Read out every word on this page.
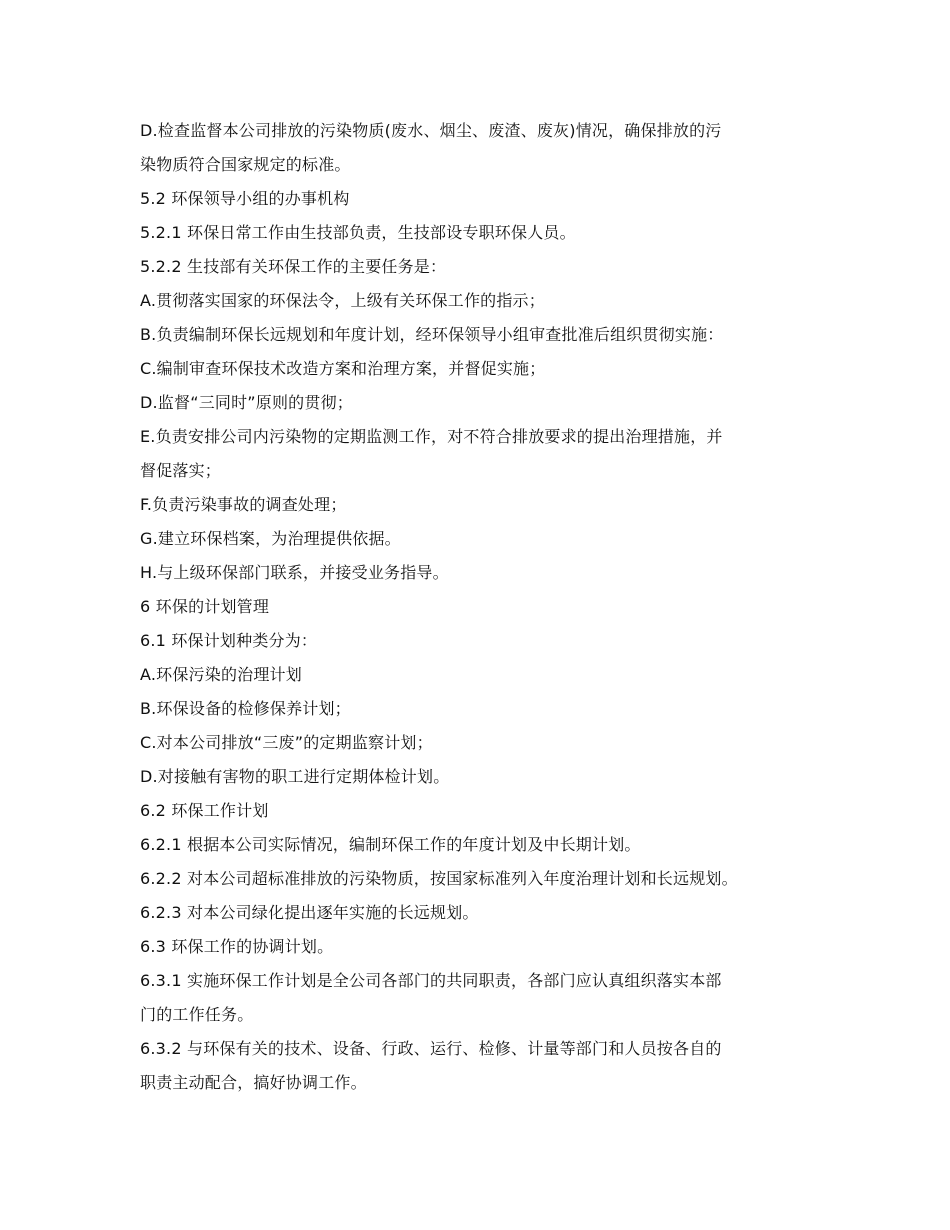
D.检查监督本公司排放的污染物质(废水、烟尘、废渣、废灰)情况，确保排放的污
染物质符合国家规定的标准。
5.2 环保领导小组的办事机构
5.2.1 环保日常工作由生技部负责，生技部设专职环保人员。
5.2.2 生技部有关环保工作的主要任务是：
A.贯彻落实国家的环保法令，上级有关环保工作的指示；
B.负责编制环保长远规划和年度计划，经环保领导小组审查批准后组织贯彻实施：
C.编制审查环保技术改造方案和治理方案，并督促实施；
D.监督“三同时”原则的贯彻；
E.负责安排公司内污染物的定期监测工作，对不符合排放要求的提出治理措施，并
督促落实；
F.负责污染事故的调查处理；
G.建立环保档案，为治理提供依据。
H.与上级环保部门联系，并接受业务指导。
6 环保的计划管理
6.1 环保计划种类分为：
A.环保污染的治理计划
B.环保设备的检修保养计划；
C.对本公司排放“三废”的定期监察计划；
D.对接触有害物的职工进行定期体检计划。
6.2 环保工作计划
6.2.1 根据本公司实际情况，编制环保工作的年度计划及中长期计划。
6.2.2 对本公司超标准排放的污染物质，按国家标准列入年度治理计划和长远规划。
6.2.3 对本公司绿化提出逐年实施的长远规划。
6.3 环保工作的协调计划。
6.3.1 实施环保工作计划是全公司各部门的共同职责，各部门应认真组织落实本部
门的工作任务。
6.3.2 与环保有关的技术、设备、行政、运行、检修、计量等部门和人员按各自的
职责主动配合，搞好协调工作。
